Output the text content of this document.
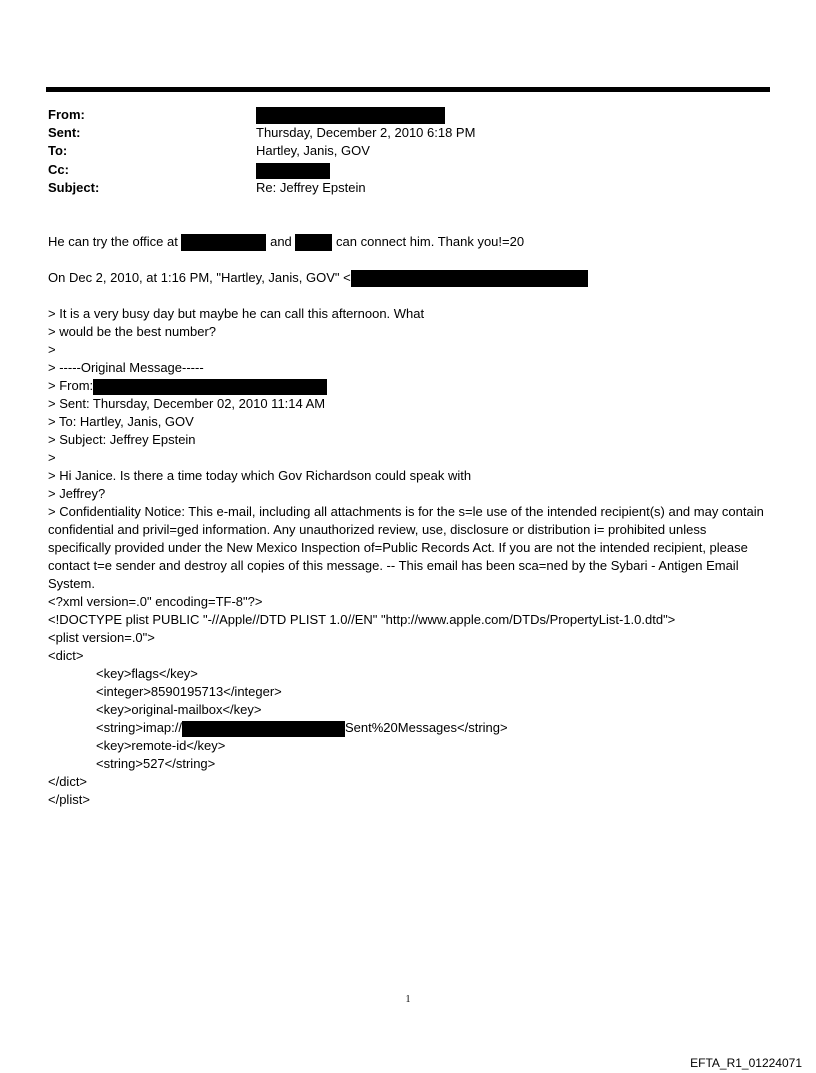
From:
Sent:	Thursday, December 2, 2010 6:18 PM
To:	Hartley, Janis, GOV
Cc:
Subject:	Re: Jeffrey Epstein
He can try the office at	and	can connect him. Thank you!=20
On Dec 2, 2010, at 1:16 PM, "Hartley, Janis, GOV" <
> It is a very busy day but maybe he can call this afternoon. What
> would be the best number?
>
> -----Original Message-----
> From:
> Sent: Thursday, December 02, 2010 11:14 AM
> To: Hartley, Janis, GOV
> Subject: Jeffrey Epstein
>
> Hi Janice. Is there a time today which Gov Richardson could speak with
> Jeffrey?
> Confidentiality Notice: This e-mail, including all attachments is for the s=le use of the intended recipient(s) and may contain confidential and privil=ged information. Any unauthorized review, use, disclosure or distribution i= prohibited unless specifically provided under the New Mexico Inspection of=Public Records Act. If you are not the intended recipient, please contact t=e sender and destroy all copies of this message. -- This email has been sca=ned by the Sybari - Antigen Email System.
<?xml version=.0" encoding=TF-8"?>
<!DOCTYPE plist PUBLIC "-//Apple//DTD PLIST 1.0//EN" "http://www.apple.com/DTDs/PropertyList-1.0.dtd">
<plist version=.0">
<dict>
<key>flags</key>
<integer>8590195713</integer>
<key>original-mailbox</key>
<string>imap://	Sent%20Messages</string>
<key>remote-id</key>
<string>527</string>
</dict>
</plist>
1
EFTA_R1_01224071
